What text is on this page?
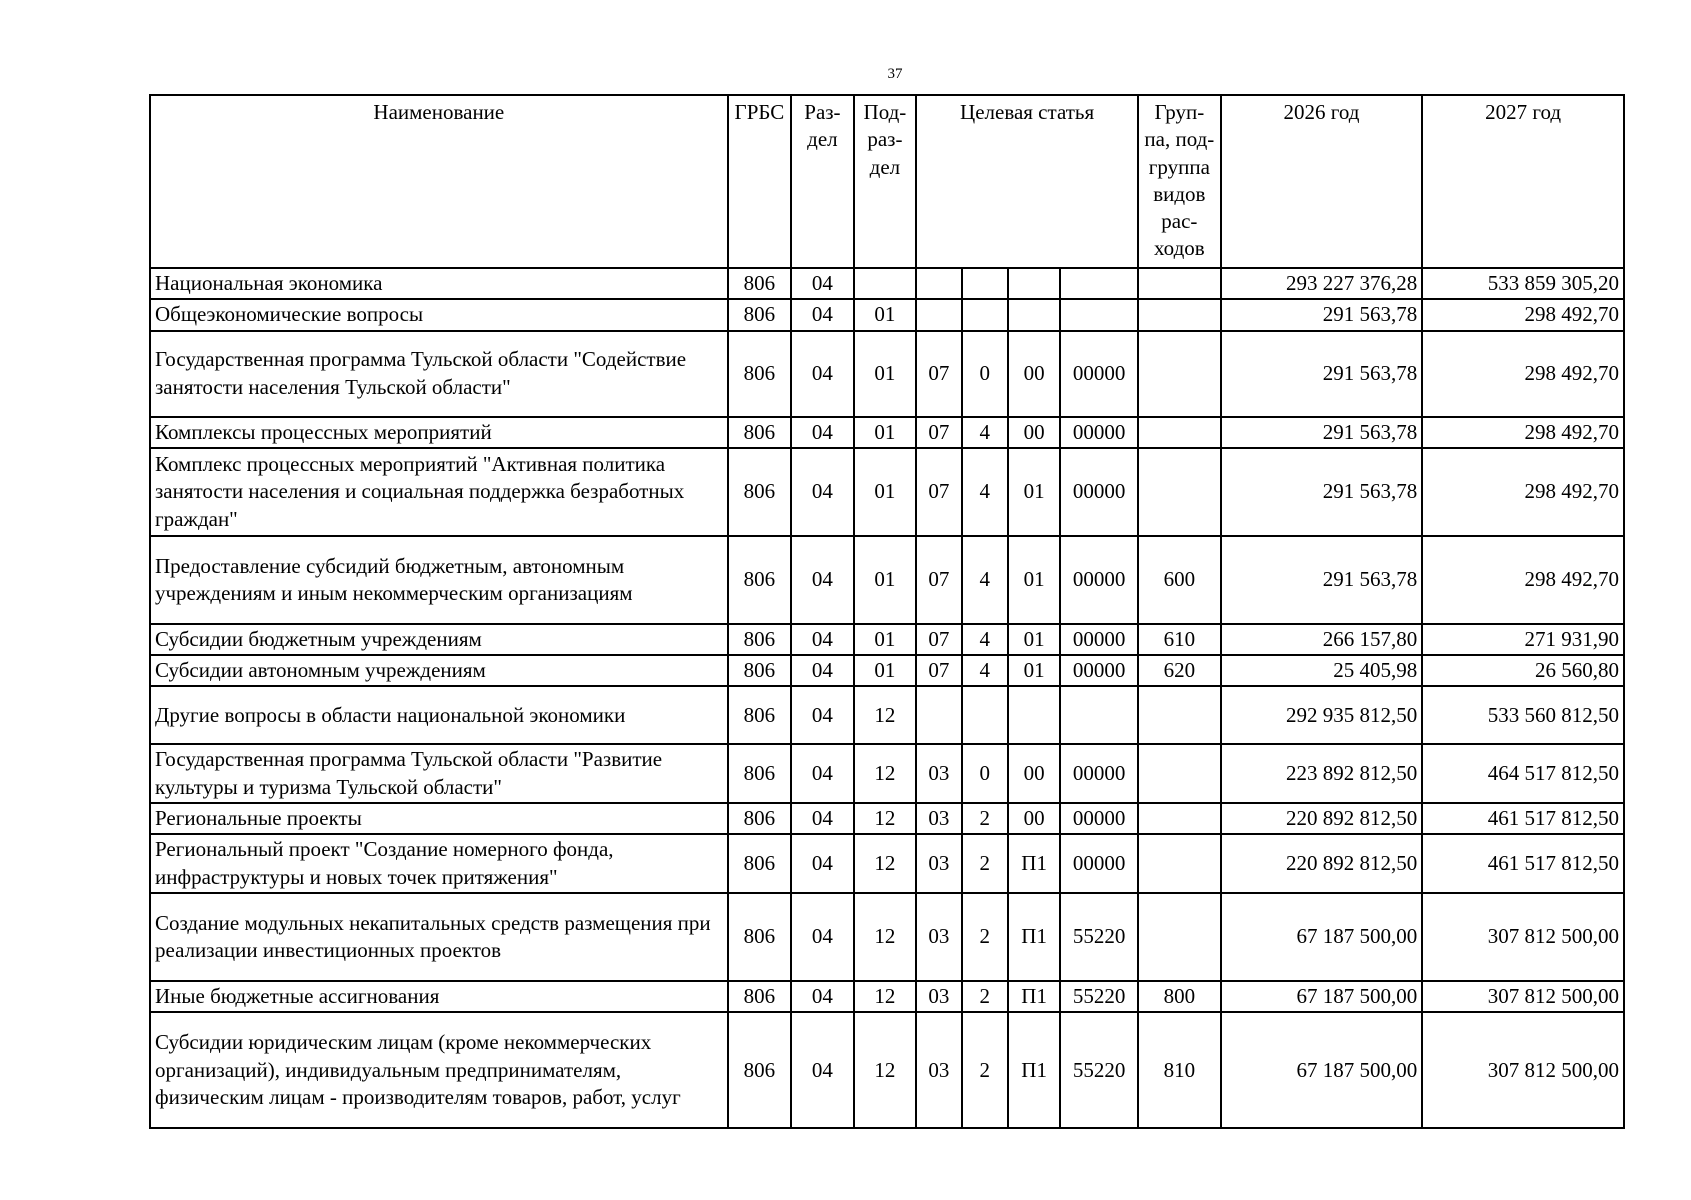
37
Наименование	ГРБС	Раз-дел	Под-раз-дел	Целевая статья				Груп-па, под-группа видов рас-ходов	2026 год	2027 год
Национальная экономика	806	04							293 227 376,28	533 859 305,20
Общеэкономические вопросы	806	04	01						291 563,78	298 492,70
Государственная программа Тульской области "Содействие занятости населения Тульской области"	806	04	01	07	0	00	00000		291 563,78	298 492,70
Комплексы процессных мероприятий	806	04	01	07	4	00	00000		291 563,78	298 492,70
Комплекс процессных мероприятий "Активная политика занятости населения и социальная поддержка безработных граждан"	806	04	01	07	4	01	00000		291 563,78	298 492,70
Предоставление субсидий бюджетным, автономным учреждениям и иным некоммерческим организациям	806	04	01	07	4	01	00000	600	291 563,78	298 492,70
Субсидии бюджетным учреждениям	806	04	01	07	4	01	00000	610	266 157,80	271 931,90
Субсидии автономным учреждениям	806	04	01	07	4	01	00000	620	25 405,98	26 560,80
Другие вопросы в области национальной экономики	806	04	12						292 935 812,50	533 560 812,50
Государственная программа Тульской области "Развитие культуры и туризма Тульской области"	806	04	12	03	0	00	00000		223 892 812,50	464 517 812,50
Региональные проекты	806	04	12	03	2	00	00000		220 892 812,50	461 517 812,50
Региональный проект "Создание номерного фонда, инфраструктуры и новых точек притяжения"	806	04	12	03	2	П1	00000		220 892 812,50	461 517 812,50
Создание модульных некапитальных средств размещения при реализации инвестиционных проектов	806	04	12	03	2	П1	55220		67 187 500,00	307 812 500,00
Иные бюджетные ассигнования	806	04	12	03	2	П1	55220	800	67 187 500,00	307 812 500,00
Субсидии юридическим лицам (кроме некоммерческих организаций), индивидуальным предпринимателям, физическим лицам - производителям товаров, работ, услуг	806	04	12	03	2	П1	55220	810	67 187 500,00	307 812 500,00
